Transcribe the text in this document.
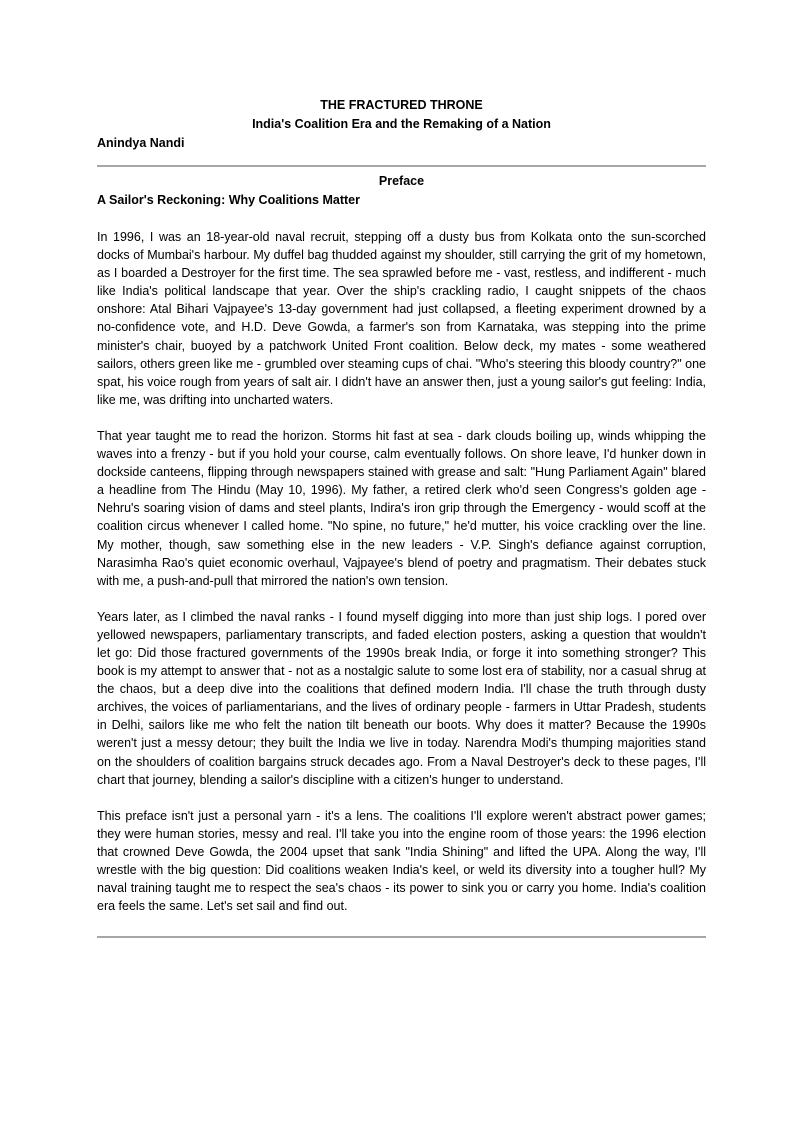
THE FRACTURED THRONE

India's Coalition Era and the Remaking of a Nation

Anindya Nandi

Preface

A Sailor's Reckoning: Why Coalitions Matter

In 1996, I was an 18-year-old naval recruit, stepping off a dusty bus from Kolkata onto the sun-scorched docks of Mumbai's harbour. My duffel bag thudded against my shoulder, still carrying the grit of my hometown, as I boarded a Destroyer for the first time. The sea sprawled before me - vast, restless, and indifferent - much like India's political landscape that year. Over the ship's crackling radio, I caught snippets of the chaos onshore: Atal Bihari Vajpayee's 13-day government had just collapsed, a fleeting experiment drowned by a no-confidence vote, and H.D. Deve Gowda, a farmer's son from Karnataka, was stepping into the prime minister's chair, buoyed by a patchwork United Front coalition. Below deck, my mates - some weathered sailors, others green like me - grumbled over steaming cups of chai. "Who's steering this bloody country?" one spat, his voice rough from years of salt air. I didn't have an answer then, just a young sailor's gut feeling: India, like me, was drifting into uncharted waters.

That year taught me to read the horizon. Storms hit fast at sea - dark clouds boiling up, winds whipping the waves into a frenzy - but if you hold your course, calm eventually follows. On shore leave, I'd hunker down in dockside canteens, flipping through newspapers stained with grease and salt: "Hung Parliament Again" blared a headline from The Hindu (May 10, 1996). My father, a retired clerk who'd seen Congress's golden age - Nehru's soaring vision of dams and steel plants, Indira's iron grip through the Emergency - would scoff at the coalition circus whenever I called home. "No spine, no future," he'd mutter, his voice crackling over the line. My mother, though, saw something else in the new leaders - V.P. Singh's defiance against corruption, Narasimha Rao's quiet economic overhaul, Vajpayee's blend of poetry and pragmatism. Their debates stuck with me, a push-and-pull that mirrored the nation's own tension.

Years later, as I climbed the naval ranks - I found myself digging into more than just ship logs. I pored over yellowed newspapers, parliamentary transcripts, and faded election posters, asking a question that wouldn't let go: Did those fractured governments of the 1990s break India, or forge it into something stronger? This book is my attempt to answer that - not as a nostalgic salute to some lost era of stability, nor a casual shrug at the chaos, but a deep dive into the coalitions that defined modern India. I'll chase the truth through dusty archives, the voices of parliamentarians, and the lives of ordinary people - farmers in Uttar Pradesh, students in Delhi, sailors like me who felt the nation tilt beneath our boots. Why does it matter? Because the 1990s weren't just a messy detour; they built the India we live in today. Narendra Modi's thumping majorities stand on the shoulders of coalition bargains struck decades ago. From a Naval Destroyer's deck to these pages, I'll chart that journey, blending a sailor's discipline with a citizen's hunger to understand.

This preface isn't just a personal yarn - it's a lens. The coalitions I'll explore weren't abstract power games; they were human stories, messy and real. I'll take you into the engine room of those years: the 1996 election that crowned Deve Gowda, the 2004 upset that sank "India Shining" and lifted the UPA. Along the way, I'll wrestle with the big question: Did coalitions weaken India's keel, or weld its diversity into a tougher hull? My naval training taught me to respect the sea's chaos - its power to sink you or carry you home. India's coalition era feels the same. Let's set sail and find out.
